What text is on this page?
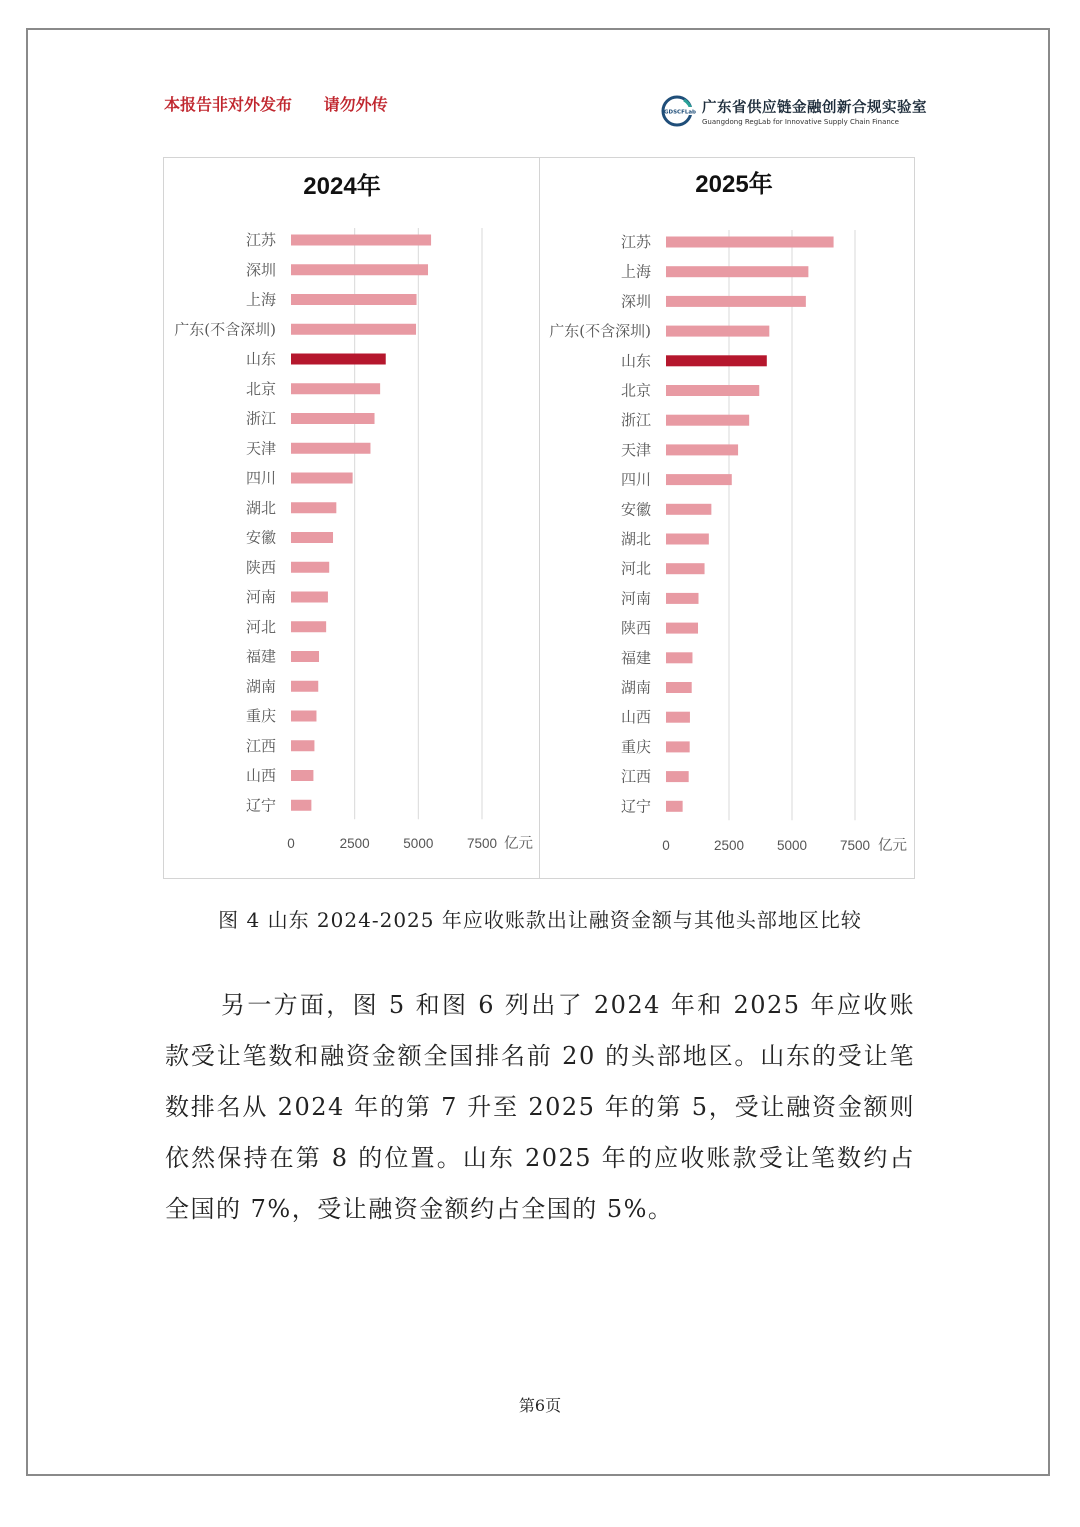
本报告非对外发布 请勿外传	GDSCFLab 广东省供应链金融创新合规实验室
Guangdong RegLab for Innovative Supply Chain Finance
2024年
0	2500 5000 7500 亿元
江苏
深圳
上海
广东(不含深圳)
山东
北京
浙江
天津
四川
湖北
安徽
陕西
河南
河北
福建
湖南
重庆
江西
山西
辽宁
2025年
0	2500 5000 7500 亿元
江苏
上海
深圳
广东(不含深圳)
山东
北京
浙江
天津
四川
安徽
湖北
河北
河南
陕西
福建
湖南
山西
重庆
江西
辽宁
图 4 山东 2024-2025 年应收账款出让融资金额与其他头部地区比较
另一方面，图 5 和图 6 列出了 2024 年和 2025 年应收账款受让笔数和融资金额全国排名前 20 的头部地区。山东的受让笔数排名从 2024 年的第 7 升至 2025 年的第 5，受让融资金额则依然保持在第 8 的位置。山东 2025 年的应收账款受让笔数约占全国的 7%，受让融资金额约占全国的 5%。
第6页
